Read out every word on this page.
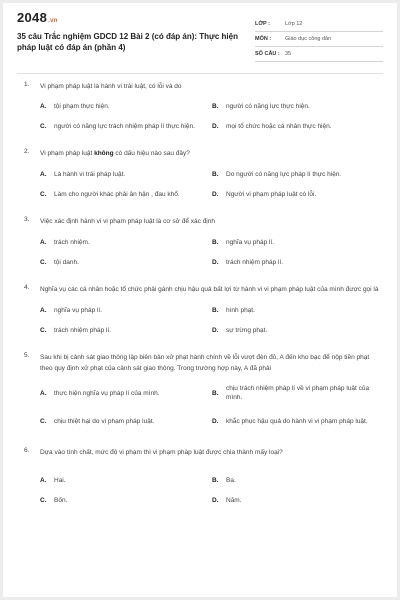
2048.vn
35 câu Trắc nghiệm GDCD 12 Bài 2 (có đáp án): Thực hiện pháp luật có đáp án (phần 4)
LỚP :	Lớp 12
MÔN :	Giáo dục công dân
SỐ CÂU : 35
1. Vi phạm pháp luật là hành vi trái luật, có lỗi và do
A.	tội phạm thực hiện.	B.	người có năng lực thực hiện.
C.	người có năng lực trách nhiệm pháp lí thực hiện.	D.	mọi tổ chức hoặc cá nhân thực hiện.
2. Vi phạm pháp luật không có dấu hiệu nào sau đây?
A.	Là hành vi trái pháp luật.	B.	Do người có năng lực pháp lí thực hiện.
C.	Làm cho người khác phải ân hận , đau khổ.	D.	Người vi phạm pháp luật có lỗi.
3. Việc xác định hành vi vi phạm pháp luật là cơ sở để xác định
A.	trách nhiệm.	B.	nghĩa vụ pháp lí.
C.	tội danh.	D.	trách nhiệm pháp lí.
4. Nghĩa vụ các cá nhân hoặc tổ chức phải gánh chịu hậu quả bất lợi từ hành vi vi phạm pháp luật của mình được gọi là
A.	nghĩa vụ pháp lí.	B.	hình phạt.
C.	trách nhiệm pháp lí.	D.	sự trừng phạt.
5. Sau khi bị cảnh sát giao thông lập biên bản xử phạt hành chính về lỗi vượt đèn đỏ, A đến kho bạc để nộp tiền phạt theo quy định xử phạt của cảnh sát giao thông. Trong trường hợp này, A đã phải
A.	thực hiện nghĩa vụ pháp lí của mình.	B.
chịu trách nhiệm pháp lí về vi phạm pháp luật của mình.
C.	chịu thiệt hại do vi phạm pháp luật.	D.	khắc phục hậu quả do hành vi vi phạm pháp luật.
6. Dựa vào tính chất, mức độ vi phạm thì vi phạm pháp luật được chia thành mấy loại?
A.	Hai.	B.	Ba.
C.	Bốn.	D.	Năm.
